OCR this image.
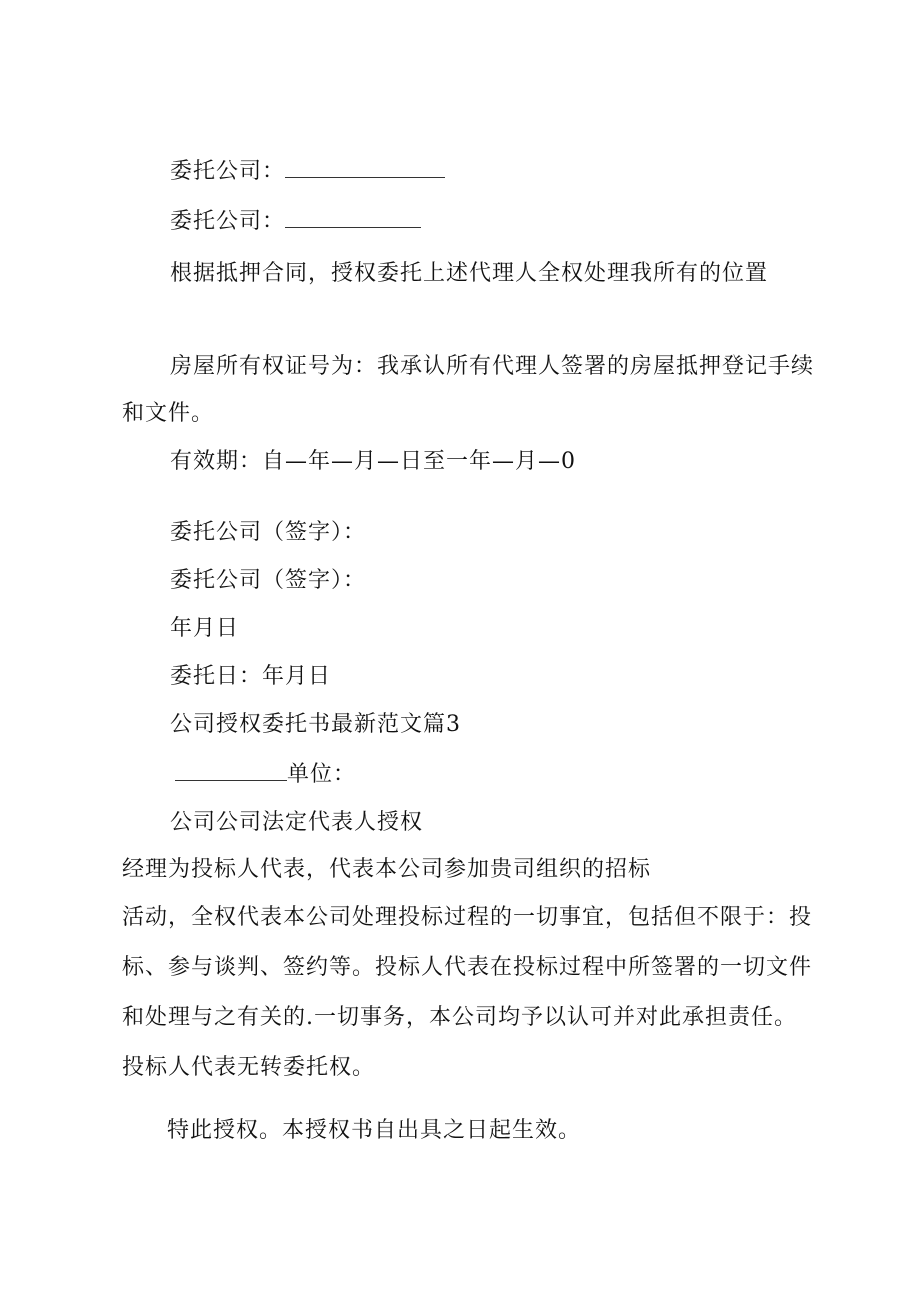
委托公司：
委托公司：
根据抵押合同，授权委托上述代理人全权处理我所有的位置
房屋所有权证号为：我承认所有代理人签署的房屋抵押登记手续
和文件。
有效期：自—年—月—日至一年—月—0
委托公司（签字）：
委托公司（签字）：
年月日
委托日：年月日
公司授权委托书最新范文篇3
单位：
公司公司法定代表人授权
经理为投标人代表，代表本公司参加贵司组织的招标
活动，全权代表本公司处理投标过程的一切事宜，包括但不限于：投
标、参与谈判、签约等。投标人代表在投标过程中所签署的一切文件
和处理与之有关的.一切事务，本公司均予以认可并对此承担责任。
投标人代表无转委托权。
特此授权。本授权书自出具之日起生效。
